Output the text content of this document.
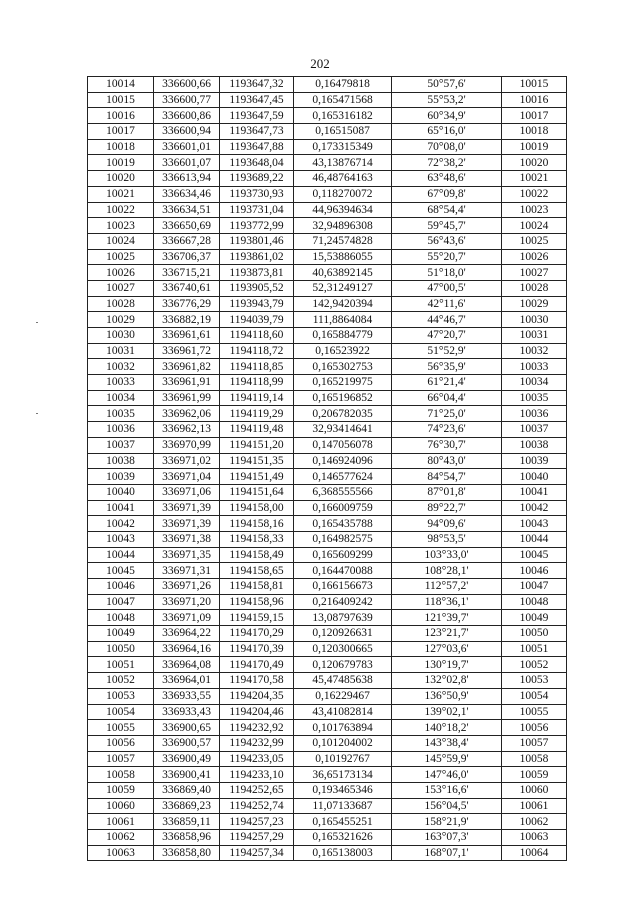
202
10014	336600,66	1193647,32	0,16479818	50°57,6'	10015
10015	336600,77	1193647,45	0,165471568	55°53,2'	10016
10016	336600,86	1193647,59	0,165316182	60°34,9'	10017
10017	336600,94	1193647,73	0,16515087	65°16,0'	10018
10018	336601,01	1193647,88	0,173315349	70°08,0'	10019
10019	336601,07	1193648,04	43,13876714	72°38,2'	10020
10020	336613,94	1193689,22	46,48764163	63°48,6'	10021
10021	336634,46	1193730,93	0,118270072	67°09,8'	10022
10022	336634,51	1193731,04	44,96394634	68°54,4'	10023
10023	336650,69	1193772,99	32,94896308	59°45,7'	10024
10024	336667,28	1193801,46	71,24574828	56°43,6'	10025
10025	336706,37	1193861,02	15,53886055	55°20,7'	10026
10026	336715,21	1193873,81	40,63892145	51°18,0'	10027
10027	336740,61	1193905,52	52,31249127	47°00,5'	10028
10028	336776,29	1193943,79	142,9420394	42°11,6'	10029
10029	336882,19	1194039,79	111,8864084	44°46,7'	10030
10030	336961,61	1194118,60	0,165884779	47°20,7'	10031
10031	336961,72	1194118,72	0,16523922	51°52,9'	10032
10032	336961,82	1194118,85	0,165302753	56°35,9'	10033
10033	336961,91	1194118,99	0,165219975	61°21,4'	10034
10034	336961,99	1194119,14	0,165196852	66°04,4'	10035
10035	336962,06	1194119,29	0,206782035	71°25,0'	10036
10036	336962,13	1194119,48	32,93414641	74°23,6'	10037
10037	336970,99	1194151,20	0,147056078	76°30,7'	10038
10038	336971,02	1194151,35	0,146924096	80°43,0'	10039
10039	336971,04	1194151,49	0,146577624	84°54,7'	10040
10040	336971,06	1194151,64	6,368555566	87°01,8'	10041
10041	336971,39	1194158,00	0,166009759	89°22,7'	10042
10042	336971,39	1194158,16	0,165435788	94°09,6'	10043
10043	336971,38	1194158,33	0,164982575	98°53,5'	10044
10044	336971,35	1194158,49	0,165609299	103°33,0'	10045
10045	336971,31	1194158,65	0,164470088	108°28,1'	10046
10046	336971,26	1194158,81	0,166156673	112°57,2'	10047
10047	336971,20	1194158,96	0,216409242	118°36,1'	10048
10048	336971,09	1194159,15	13,08797639	121°39,7'	10049
10049	336964,22	1194170,29	0,120926631	123°21,7'	10050
10050	336964,16	1194170,39	0,120300665	127°03,6'	10051
10051	336964,08	1194170,49	0,120679783	130°19,7'	10052
10052	336964,01	1194170,58	45,47485638	132°02,8'	10053
10053	336933,55	1194204,35	0,16229467	136°50,9'	10054
10054	336933,43	1194204,46	43,41082814	139°02,1'	10055
10055	336900,65	1194232,92	0,101763894	140°18,2'	10056
10056	336900,57	1194232,99	0,101204002	143°38,4'	10057
10057	336900,49	1194233,05	0,10192767	145°59,9'	10058
10058	336900,41	1194233,10	36,65173134	147°46,0'	10059
10059	336869,40	1194252,65	0,193465346	153°16,6'	10060
10060	336869,23	1194252,74	11,07133687	156°04,5'	10061
10061	336859,11	1194257,23	0,165455251	158°21,9'	10062
10062	336858,96	1194257,29	0,165321626	163°07,3'	10063
10063	336858,80	1194257,34	0,165138003	168°07,1'	10064
